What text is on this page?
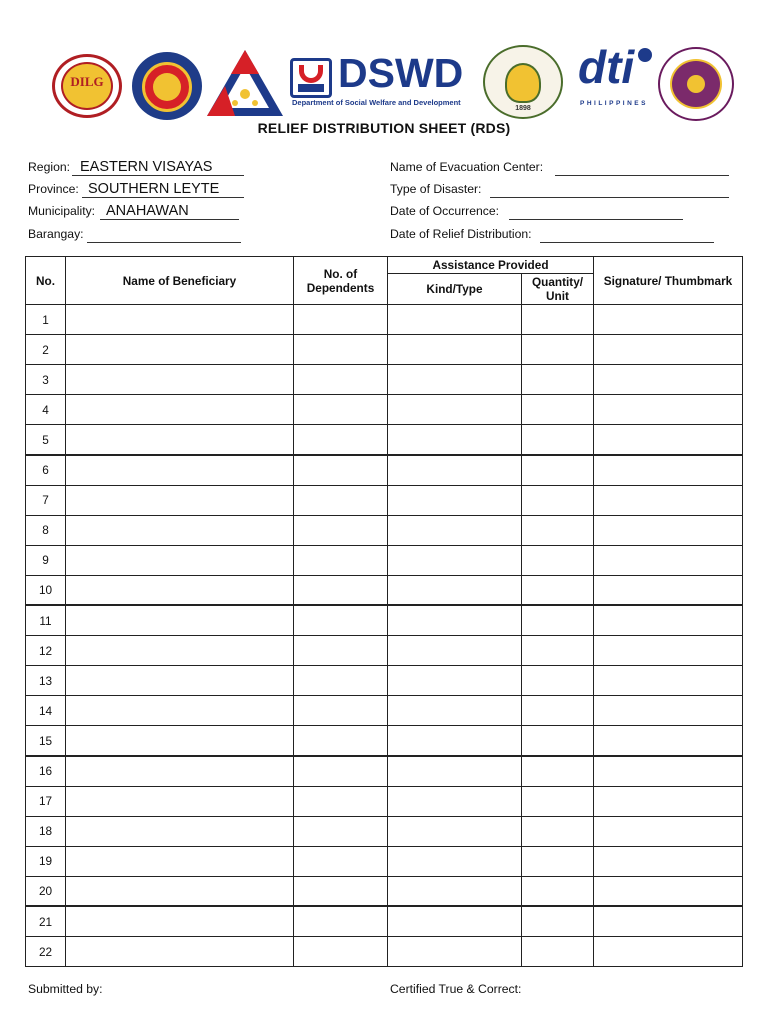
DILG	DSWD
Department of Social Welfare and Development
1898
dti
PHILIPPINES
RELIEF DISTRIBUTION SHEET (RDS)
Region: EASTERN VISAYAS
Province: SOUTHERN LEYTE
Municipality: ANAHAWAN
Barangay:
Name of Evacuation Center:
Type of Disaster:
Date of Occurrence:
Date of Relief Distribution:
No.	Name of Beneficiary	No. of Dependents	Assistance Provided		Signature/ Thumbmark
			Kind/Type	Quantity/ Unit	
1					
2					
3					
4					
5					
6					
7					
8					
9					
10					
11					
12					
13					
14					
15					
16					
17					
18					
19					
20					
21					
22					
Submitted by:	Certified True & Correct:
